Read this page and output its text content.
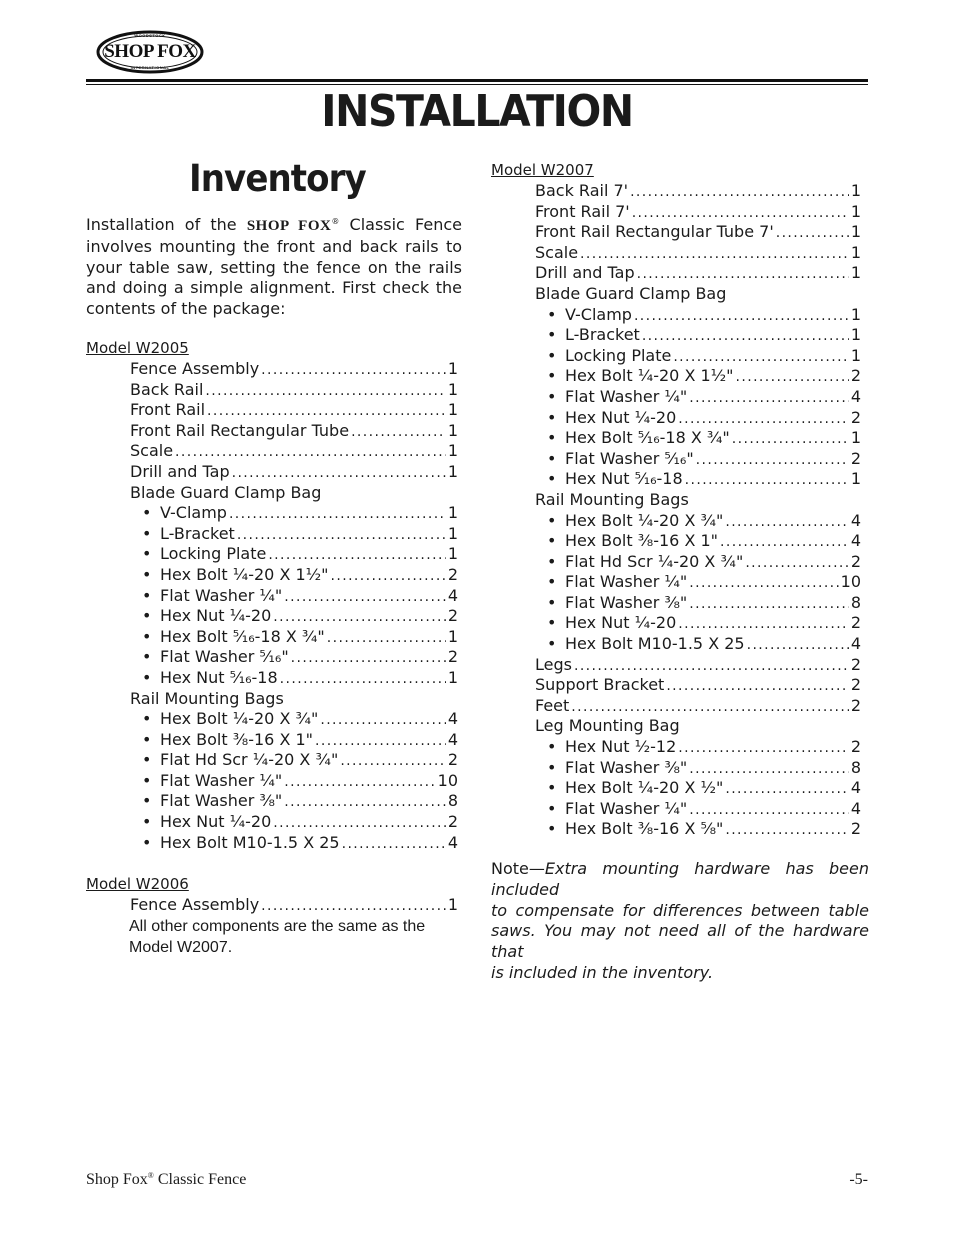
WOODSTOCK
SHOP FOX
INTERNATIONAL
INSTALLATION
Inventory
Installation of the SHOP FOX® Classic Fence
involves mounting the front and back rails to
your table saw, setting the fence on the rails
and doing a simple alignment. First check the
contents of the package:
Model W2005
Fence Assembly .....	1
Back Rail .....	1
Front Rail .....	1
Front Rail Rectangular Tube .....	1
Scale .....	1
Drill and Tap .....	1
Blade Guard Clamp Bag
• V-Clamp .....	1
• L-Bracket .....	1
• Locking Plate .....	1
• Hex Bolt ¹⁄₄-20 X 1¹⁄₂" .....	2
• Flat Washer ¹⁄₄" .....	4
• Hex Nut ¹⁄₄-20 .....	2
• Hex Bolt ⁵⁄₁₆-18 X ³⁄₄" .....	1
• Flat Washer ⁵⁄₁₆" .....	2
• Hex Nut ⁵⁄₁₆-18 .....	1
Rail Mounting Bags
• Hex Bolt ¹⁄₄-20 X ³⁄₄" .....	4
• Hex Bolt ³⁄₈-16 X 1" .....	4
• Flat Hd Scr ¹⁄₄-20 X ³⁄₄" .....	2
• Flat Washer ¹⁄₄" .....	10
• Flat Washer ³⁄₈" .....	8
• Hex Nut ¹⁄₄-20 .....	2
• Hex Bolt M10-1.5 X 25 .....	4
Model W2006
Fence Assembly .....	1
All other components are the same as the
Model W2007.
Model W2007
Back Rail 7' .....	1
Front Rail 7' .....	1
Front Rail Rectangular Tube 7' .....	1
Scale .....	1
Drill and Tap .....	1
Blade Guard Clamp Bag
• V-Clamp .....	1
• L-Bracket .....	1
• Locking Plate .....	1
• Hex Bolt ¹⁄₄-20 X 1¹⁄₂" .....	2
• Flat Washer ¹⁄₄" .....	4
• Hex Nut ¹⁄₄-20 .....	2
• Hex Bolt ⁵⁄₁₆-18 X ³⁄₄" .....	1
• Flat Washer ⁵⁄₁₆" .....	2
• Hex Nut ⁵⁄₁₆-18 .....	1
Rail Mounting Bags
• Hex Bolt ¹⁄₄-20 X ³⁄₄" .....	4
• Hex Bolt ³⁄₈-16 X 1" .....	4
• Flat Hd Scr ¹⁄₄-20 X ³⁄₄" .....	2
• Flat Washer ¹⁄₄" .....	10
• Flat Washer ³⁄₈" .....	8
• Hex Nut ¹⁄₄-20 .....	2
• Hex Bolt M10-1.5 X 25 .....	4
Legs .....	2
Support Bracket .....	2
Feet .....	2
Leg Mounting Bag
• Hex Nut ¹⁄₂-12 .....	2
• Flat Washer ³⁄₈" .....	8
• Hex Bolt ¹⁄₄-20 X ¹⁄₂" .....	4
• Flat Washer ¹⁄₄" .....	4
• Hex Bolt ³⁄₈-16 X ⁵⁄₈" .....	2
Note—Extra mounting hardware has been included
to compensate for differences between table
saws. You may not need all of the hardware that
is included in the inventory.
Shop Fox® Classic Fence	-5-
